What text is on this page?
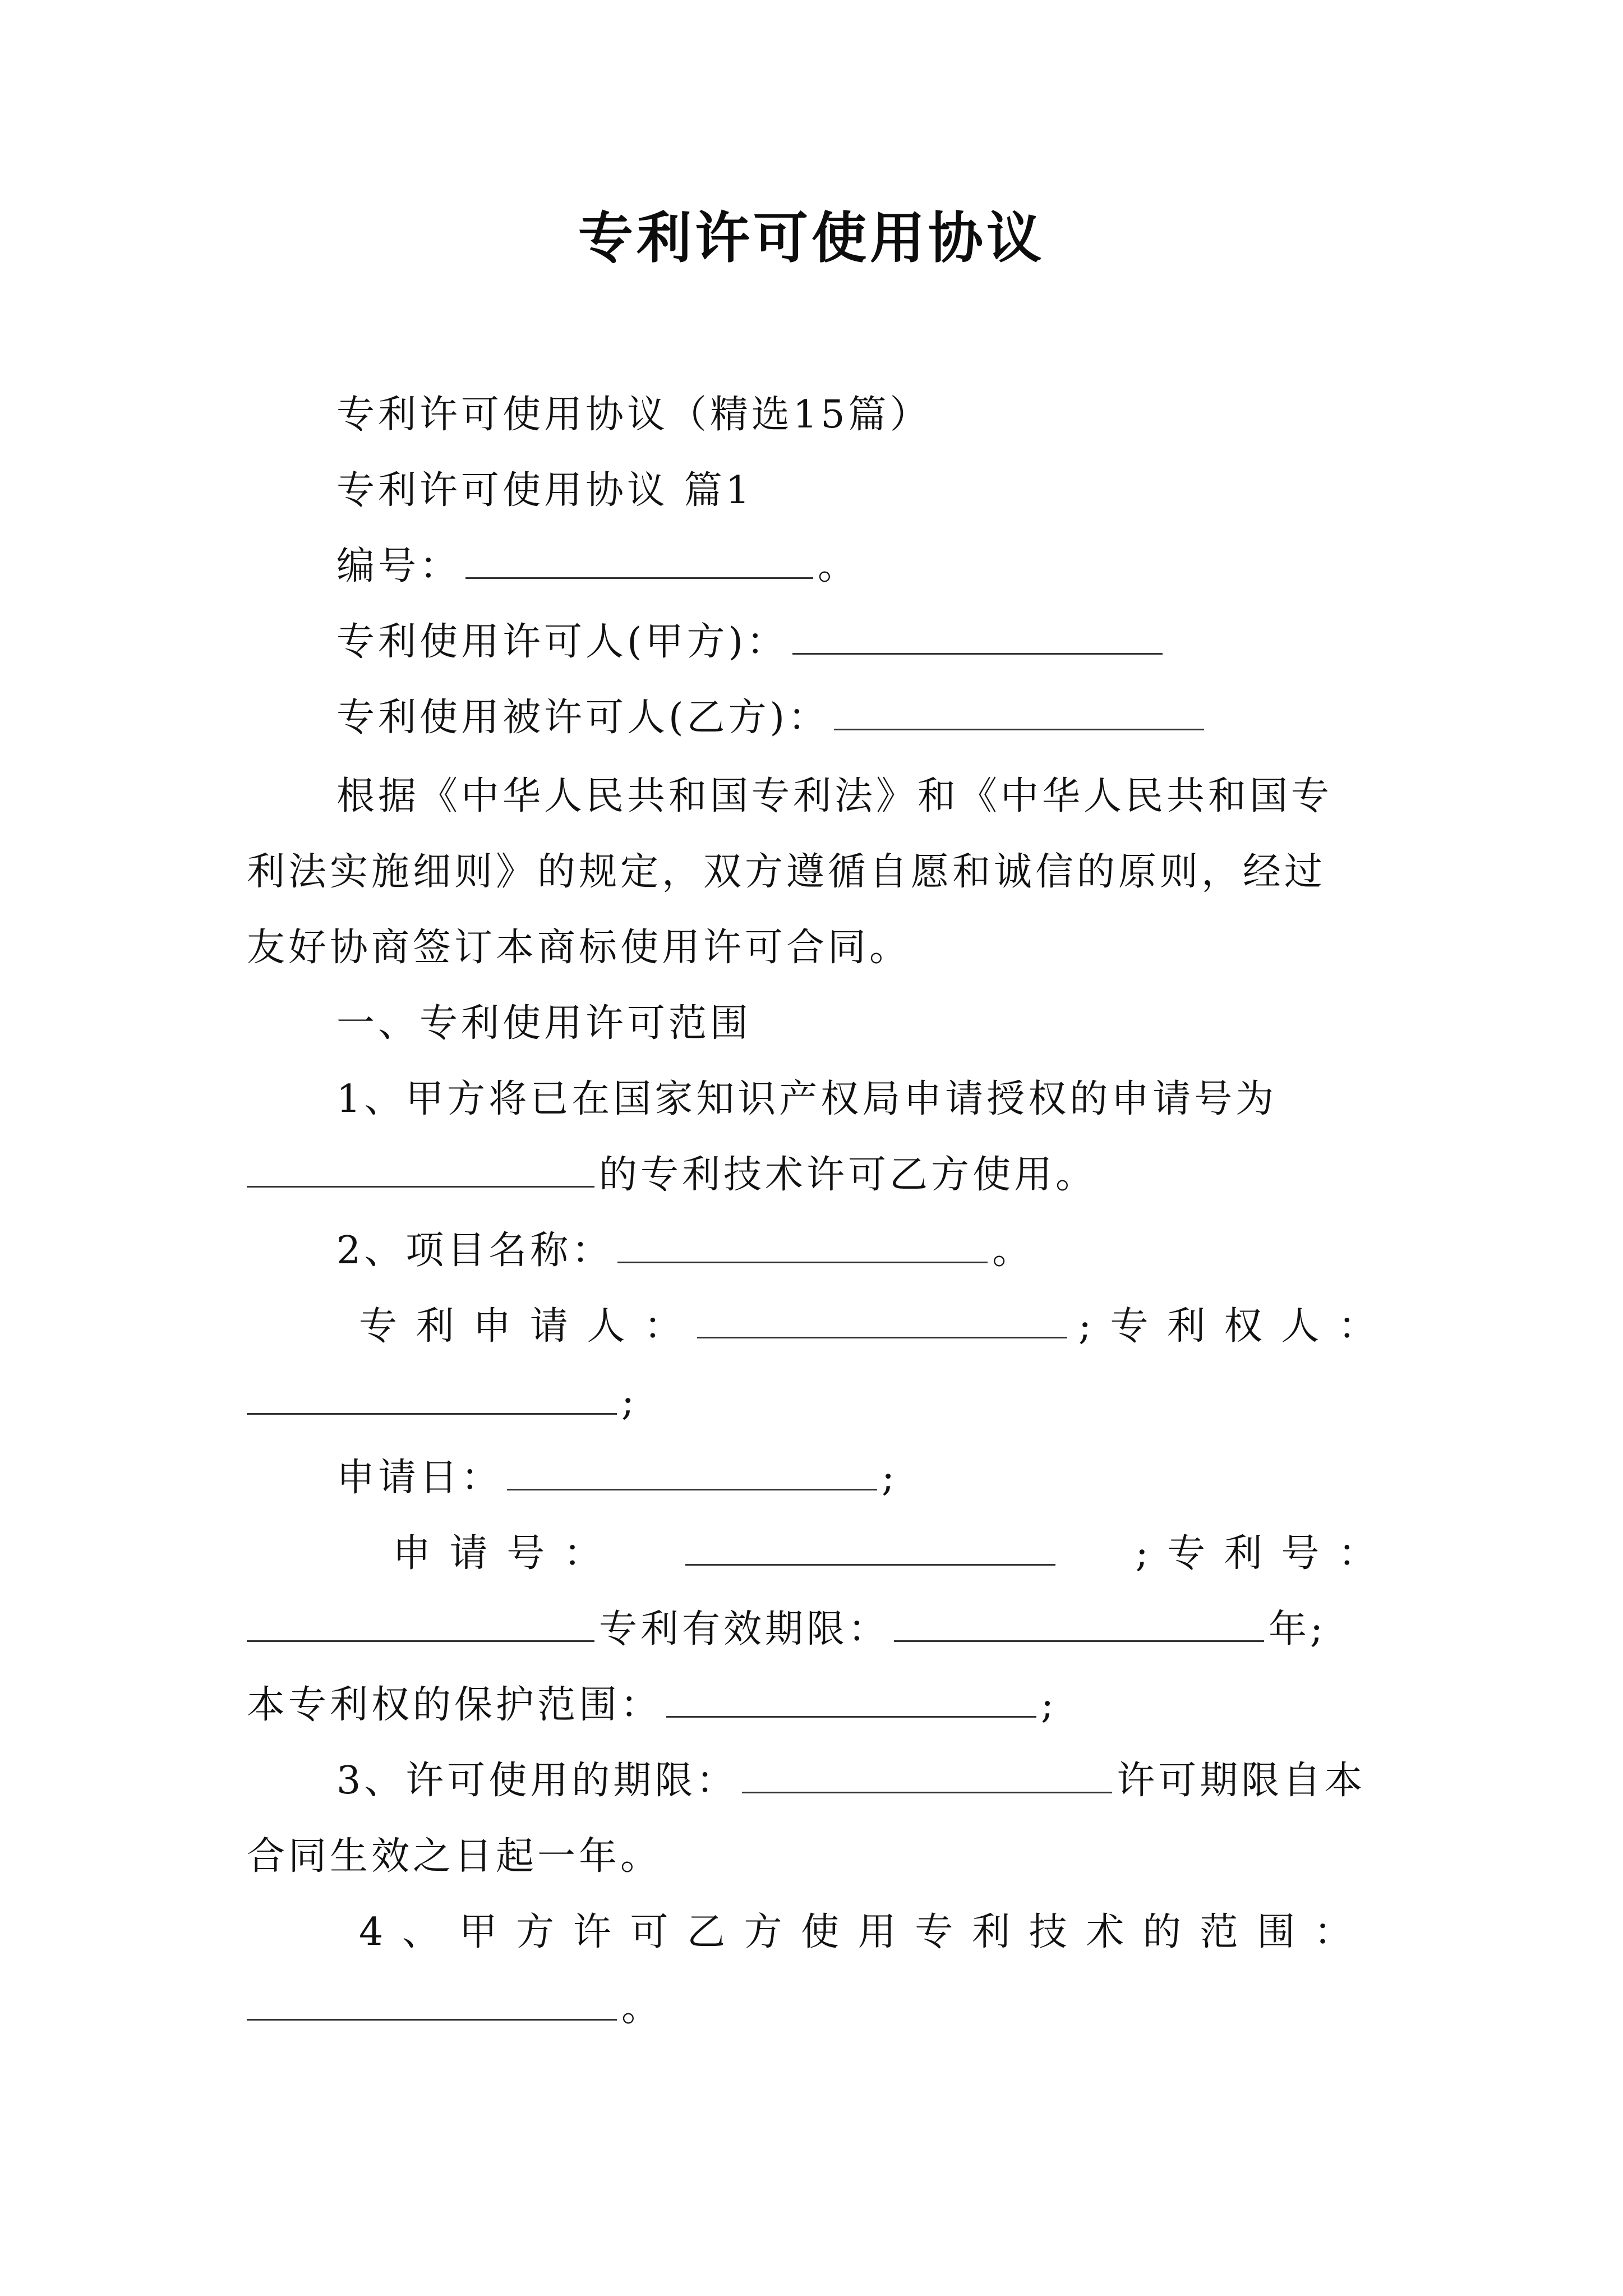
专利许可使用协议
专利许可使用协议（精选15篇）
专利许可使用协议 篇1
编号：	。
专利使用许可人(甲方)：
专利使用被许可人(乙方)：
根据《中华人民共和国专利法》和《中华人民共和国专
利法实施细则》的规定，双方遵循自愿和诚信的原则，经过
友好协商签订本商标使用许可合同。
一、专利使用许可范围
1、甲方将已在国家知识产权局申请授权的申请号为
的专利技术许可乙方使用。
2、项目名称：	。
专 利 申 请 人 ：	; 专 利 权 人 ：
;
申请日：	;
申 请 号 ：	; 专 利 号 ：
专利有效期限：	年;
本专利权的保护范围：	;
3、许可使用的期限：	许可期限自本
合同生效之日起一年。
4 、 甲 方 许 可 乙 方 使 用 专 利 技 术 的 范 围 ：
。
